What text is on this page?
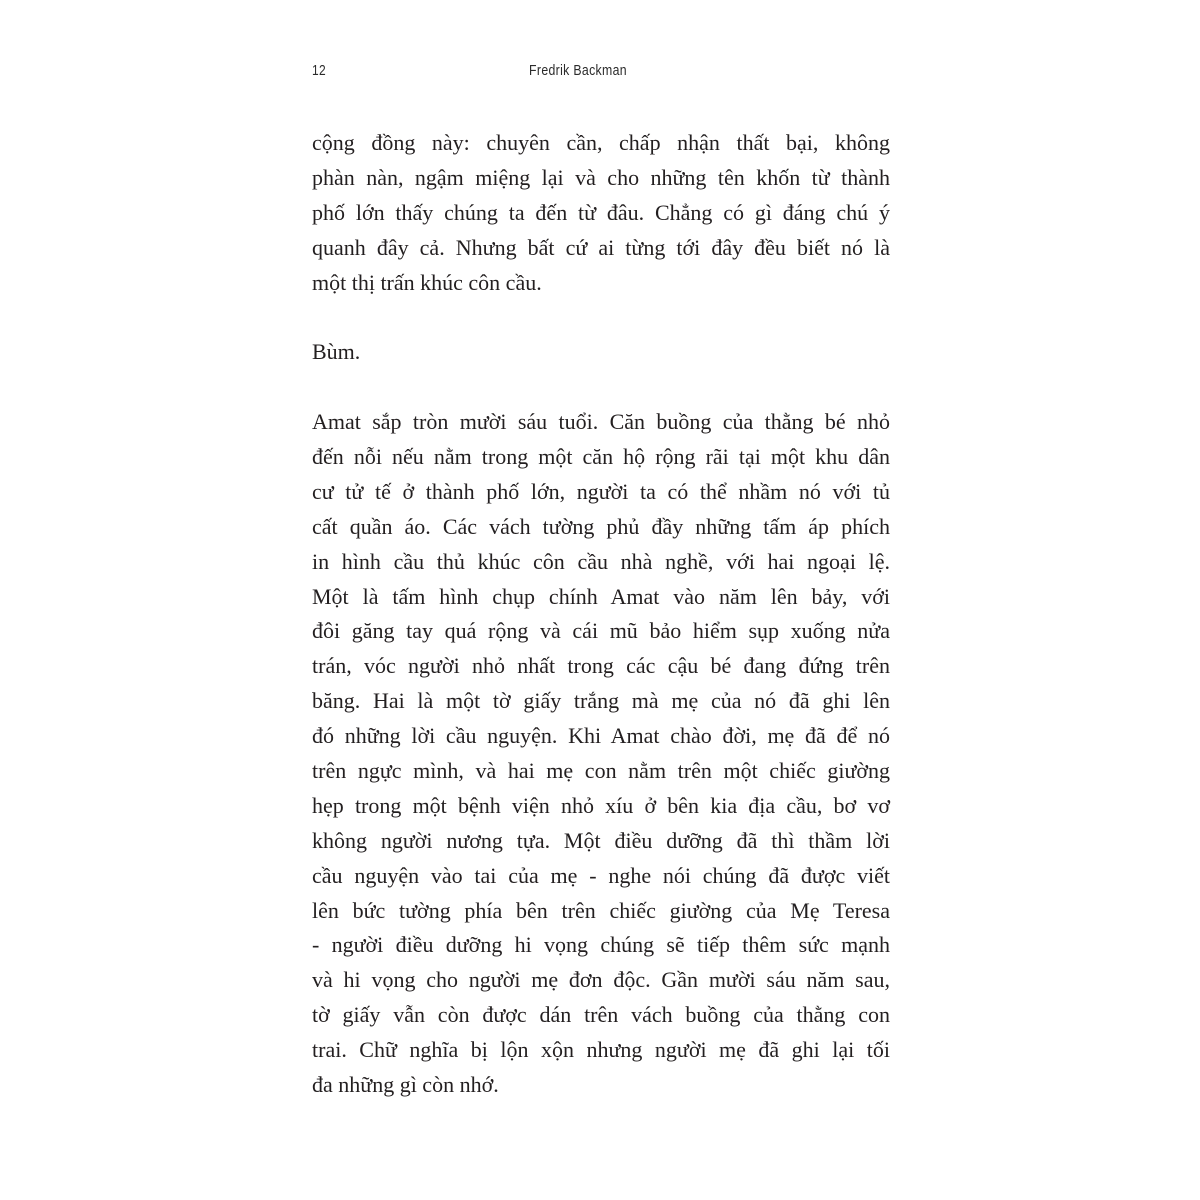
12	Fredrik Backman

cộng đồng này: chuyên cần, chấp nhận thất bại, không
phàn nàn, ngậm miệng lại và cho những tên khốn từ thành
phố lớn thấy chúng ta đến từ đâu. Chẳng có gì đáng chú ý
quanh đây cả. Nhưng bất cứ ai từng tới đây đều biết nó là
một thị trấn khúc côn cầu.

Bùm.

Amat sắp tròn mười sáu tuổi. Căn buồng của thằng bé nhỏ
đến nỗi nếu nằm trong một căn hộ rộng rãi tại một khu dân
cư tử tế ở thành phố lớn, người ta có thể nhầm nó với tủ
cất quần áo. Các vách tường phủ đầy những tấm áp phích
in hình cầu thủ khúc côn cầu nhà nghề, với hai ngoại lệ.
Một là tấm hình chụp chính Amat vào năm lên bảy, với
đôi găng tay quá rộng và cái mũ bảo hiểm sụp xuống nửa
trán, vóc người nhỏ nhất trong các cậu bé đang đứng trên
băng. Hai là một tờ giấy trắng mà mẹ của nó đã ghi lên
đó những lời cầu nguyện. Khi Amat chào đời, mẹ đã để nó
trên ngực mình, và hai mẹ con nằm trên một chiếc giường
hẹp trong một bệnh viện nhỏ xíu ở bên kia địa cầu, bơ vơ
không người nương tựa. Một điều dưỡng đã thì thầm lời
cầu nguyện vào tai của mẹ - nghe nói chúng đã được viết
lên bức tường phía bên trên chiếc giường của Mẹ Teresa
- người điều dưỡng hi vọng chúng sẽ tiếp thêm sức mạnh
và hi vọng cho người mẹ đơn độc. Gần mười sáu năm sau,
tờ giấy vẫn còn được dán trên vách buồng của thằng con
trai. Chữ nghĩa bị lộn xộn nhưng người mẹ đã ghi lại tối
đa những gì còn nhớ.
